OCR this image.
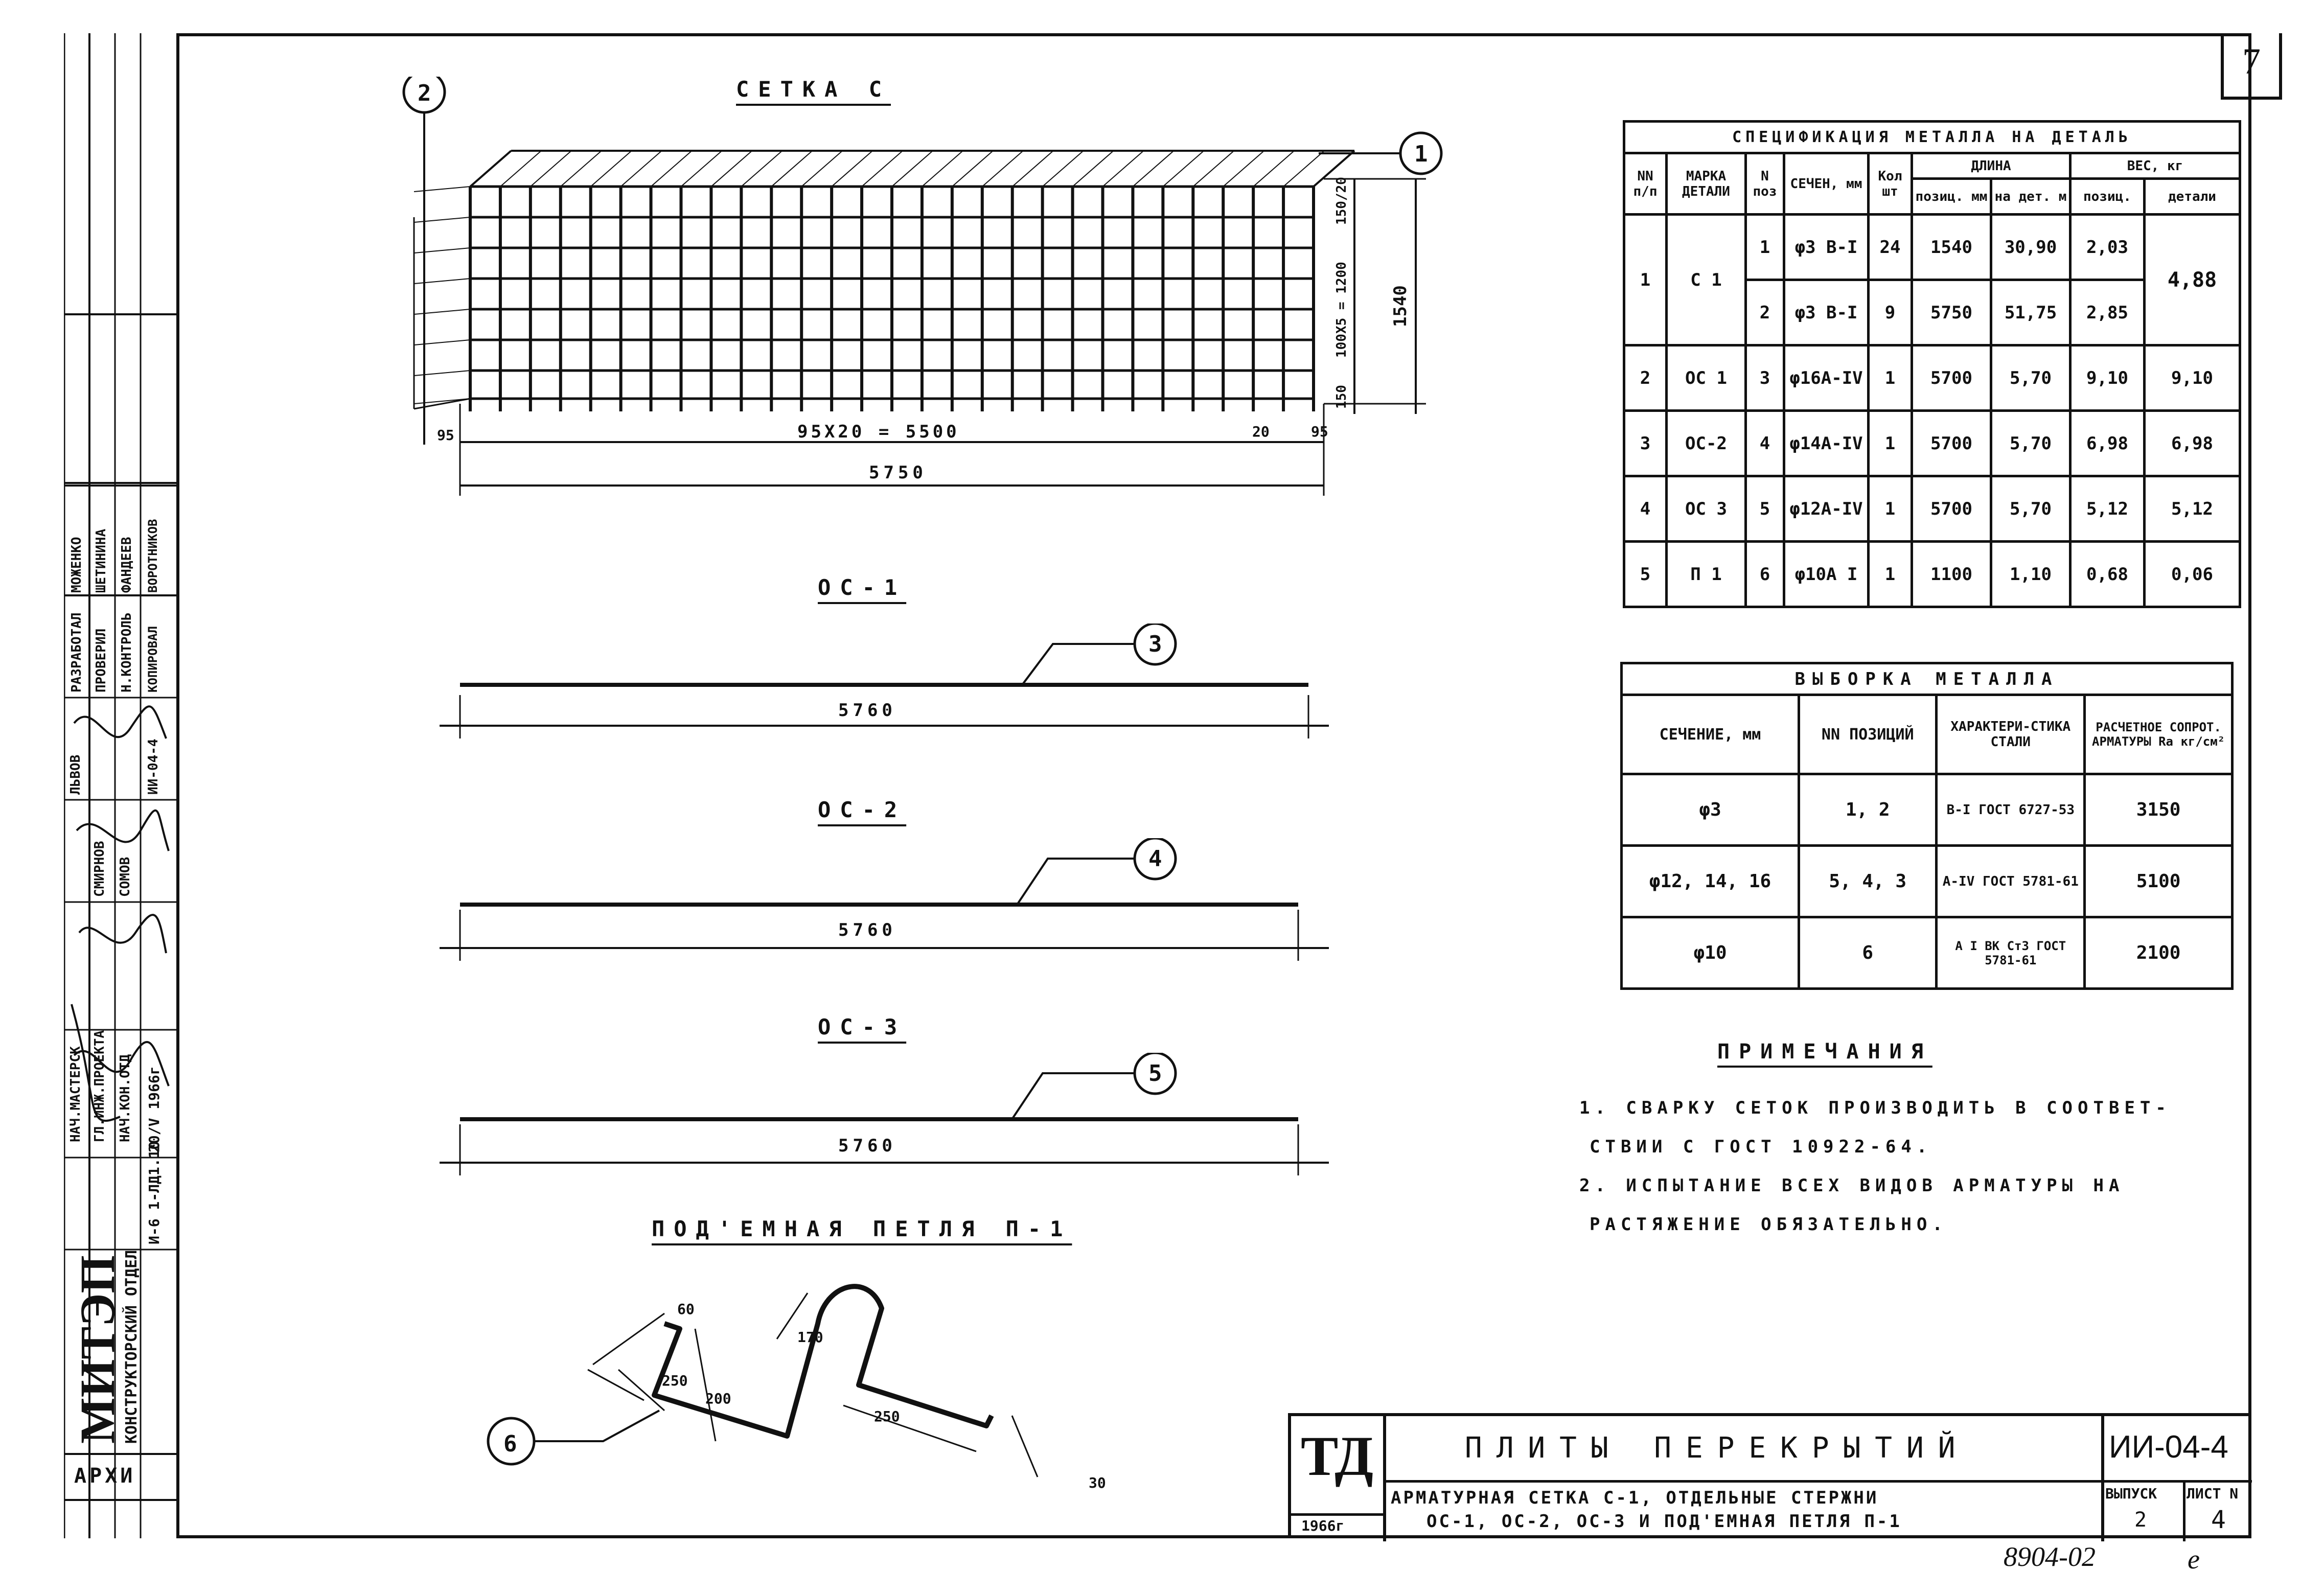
7
МИТЭП
КОНСТРУКТОРСКИЙ ОТДЕЛ
И-6 1-ЛД1.10
20/V 1966г
АРХИ
НАЧ.МАСТЕРСК
ЛЬВОВ
ГЛ.ИНЖ.ПРОЕКТА
СМИРНОВ
НАЧ.КОН.ОТД
СОМОВ
РАЗРАБОТАЛ
МОЖЕНКО
ПРОВЕРИЛ
ШЕТИНИНА
Н.КОНТРОЛЬ
ФАНДЕЕВ
КОПИРОВАЛ
ВОРОТНИКОВ
ИИ-04-4
СЕТКА С
2
1
95Х20 = 5500
5750
95	20	95
150/20
100Х5 = 1200
150
1540
ОС-1
3
5760
ОС-2
4
5760
ОС-3
5
5760
ПОД'ЕМНАЯ ПЕТЛЯ П-1
6
60
170
250
200
250
30
СПЕЦИФИКАЦИЯ МЕТАЛЛА НА ДЕТАЛЬ								
NN п/п	МАРКА ДЕТАЛИ	N поз	СЕЧЕН, мм	Кол шт	ДЛИНА		ВЕС, кг	
					позиц. мм	на дет. м	позиц.	детали
1	С 1	1	φ3 В-I	24	1540	30,90	2,03	4,88
		2	φ3 В-I	9	5750	51,75	2,85	
2	ОС 1	3	φ16А-IV	1	5700	5,70	9,10	9,10
3	ОС-2	4	φ14А-IV	1	5700	5,70	6,98	6,98
4	ОС 3	5	φ12А-IV	1	5700	5,70	5,12	5,12
5	П 1	6	φ10А I	1	1100	1,10	0,68	0,06
ВЫБОРКА МЕТАЛЛА			
СЕЧЕНИЕ, мм	NN ПОЗИЦИЙ	ХАРАКТЕРИ-СТИКА СТАЛИ	РАСЧЕТНОЕ СОПРОТ. АРМАТУРЫ Ra кг/см²
φ3	1, 2	В-I ГОСТ 6727-53	3150
φ12, 14, 16	5, 4, 3	А-IV ГОСТ 5781-61	5100
φ10	6	А I ВК Ст3 ГОСТ 5781-61	2100
ПРИМЕЧАНИЯ

1. СВАРКУ СЕТОК ПРОИЗВОДИТЬ В СООТВЕТ-

СТВИИ С ГОСТ 10922-64.

2. ИСПЫТАНИЕ ВСЕХ ВИДОВ АРМАТУРЫ НА

РАСТЯЖЕНИЕ ОБЯЗАТЕЛЬНО.

ТД
1966г
ПЛИТЫ ПЕРЕКРЫТИЙ
АРМАТУРНАЯ СЕТКА С-1, ОТДЕЛЬНЫЕ СТЕРЖНИ
ОС-1, ОС-2, ОС-3 И ПОД'ЕМНАЯ ПЕТЛЯ П-1
ИИ-04-4
ВЫПУСК
2
ЛИСТ N
4
8904-02	е
